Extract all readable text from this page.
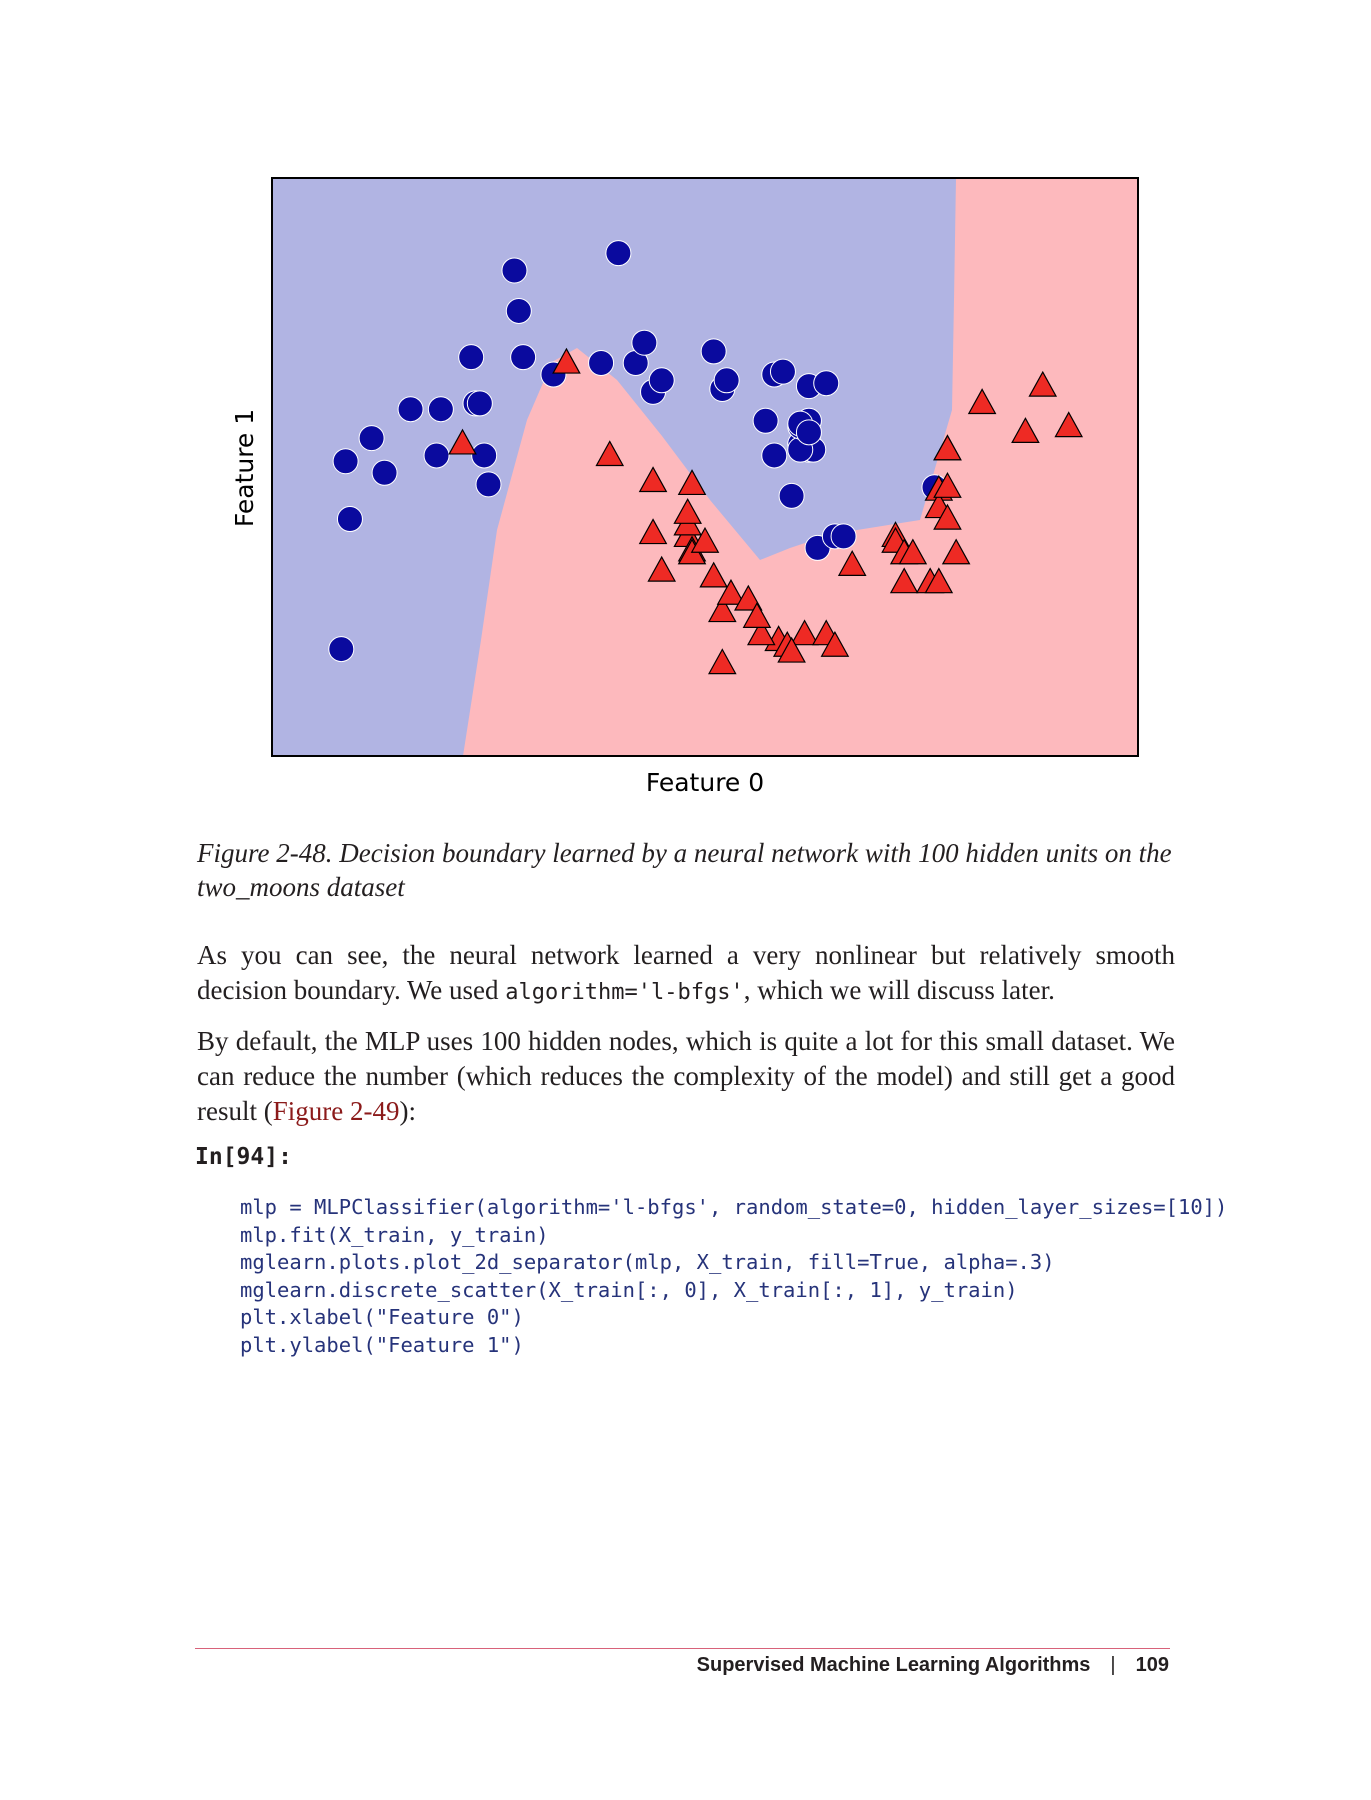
Feature 0
Feature 1
Figure 2-48. Decision boundary learned by a neural network with 100 hidden units on the two_moons dataset

As you can see, the neural network learned a very nonlinear but relatively smooth decision boundary. We used algorithm='l-bfgs', which we will discuss later.

By default, the MLP uses 100 hidden nodes, which is quite a lot for this small dataset. We can reduce the number (which reduces the complexity of the model) and still get a good result (Figure 2-49):

In[94]:
mlp = MLPClassifier(algorithm='l-bfgs', random_state=0, hidden_layer_sizes=[10])
mlp.fit(X_train, y_train)
mglearn.plots.plot_2d_separator(mlp, X_train, fill=True, alpha=.3)
mglearn.discrete_scatter(X_train[:, 0], X_train[:, 1], y_train)
plt.xlabel("Feature 0")
plt.ylabel("Feature 1")
Supervised Machine Learning Algorithms | 109
